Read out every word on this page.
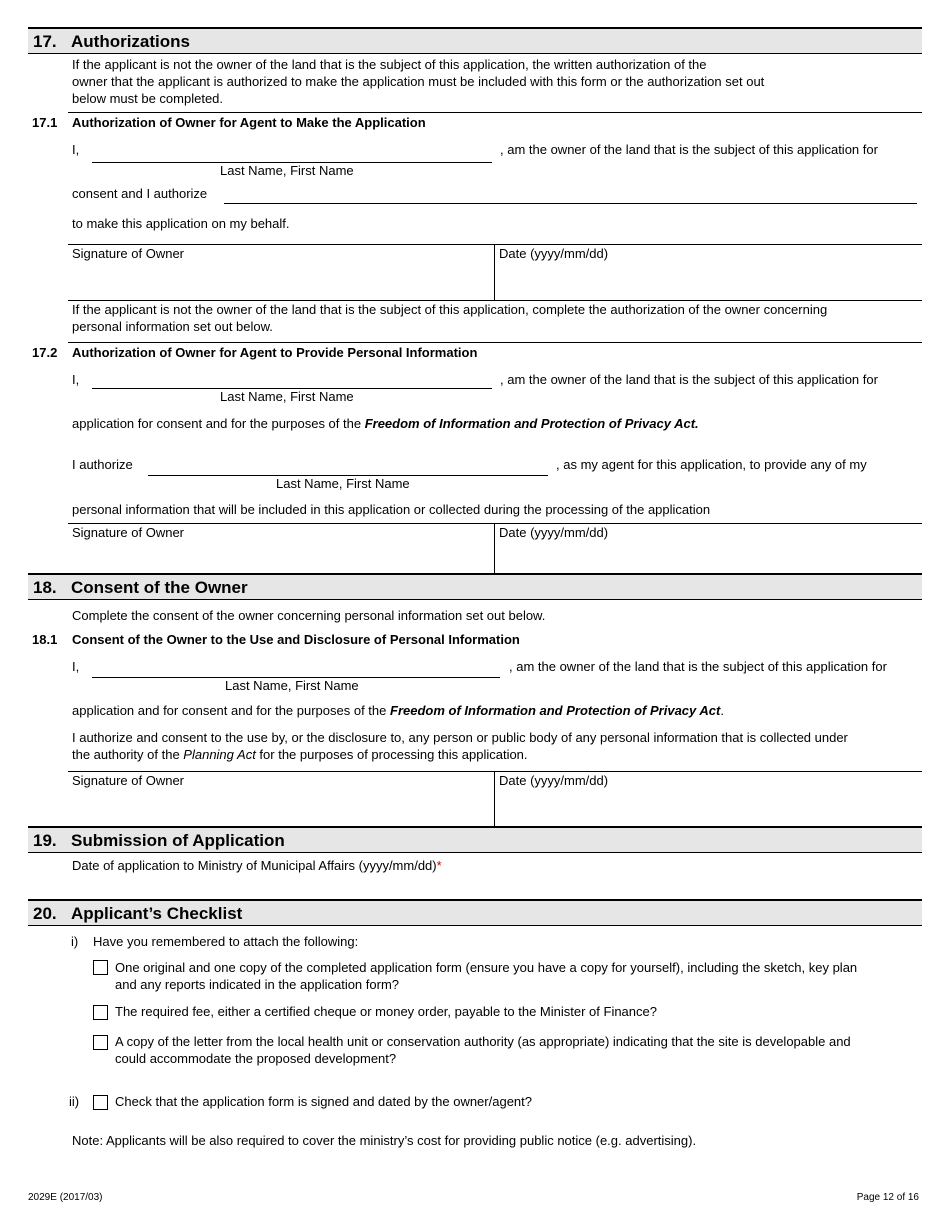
17. Authorizations
If the applicant is not the owner of the land that is the subject of this application, the written authorization of the
owner that the applicant is authorized to make the application must be included with this form or the authorization set out
below must be completed.
17.1 Authorization of Owner for Agent to Make the Application
I,
Last Name, First Name
, am the owner of the land that is the subject of this application for
consent and I authorize
to make this application on my behalf.
Signature of Owner	Date (yyyy/mm/dd)
If the applicant is not the owner of the land that is the subject of this application, complete the authorization of the owner concerning
personal information set out below.
17.2 Authorization of Owner for Agent to Provide Personal Information
I,
Last Name, First Name
, am the owner of the land that is the subject of this application for
application for consent and for the purposes of the Freedom of Information and Protection of Privacy Act.
I authorize
Last Name, First Name
, as my agent for this application, to provide any of my
personal information that will be included in this application or collected during the processing of the application
Signature of Owner	Date (yyyy/mm/dd)
18. Consent of the Owner
Complete the consent of the owner concerning personal information set out below.
18.1 Consent of the Owner to the Use and Disclosure of Personal Information
I,
Last Name, First Name
, am the owner of the land that is the subject of this application for
application and for consent and for the purposes of the Freedom of Information and Protection of Privacy Act.
I authorize and consent to the use by, or the disclosure to, any person or public body of any personal information that is collected under
the authority of the Planning Act for the purposes of processing this application.
Signature of Owner	Date (yyyy/mm/dd)
19. Submission of Application
Date of application to Ministry of Municipal Affairs (yyyy/mm/dd)*
20. Applicant’s Checklist
i) Have you remembered to attach the following:
One original and one copy of the completed application form (ensure you have a copy for yourself), including the sketch, key plan
and any reports indicated in the application form?
The required fee, either a certified cheque or money order, payable to the Minister of Finance?
A copy of the letter from the local health unit or conservation authority (as appropriate) indicating that the site is developable and
could accommodate the proposed development?
ii)	Check that the application form is signed and dated by the owner/agent?
Note: Applicants will be also required to cover the ministry’s cost for providing public notice (e.g. advertising).
2029E (2017/03)	Page 12 of 16
